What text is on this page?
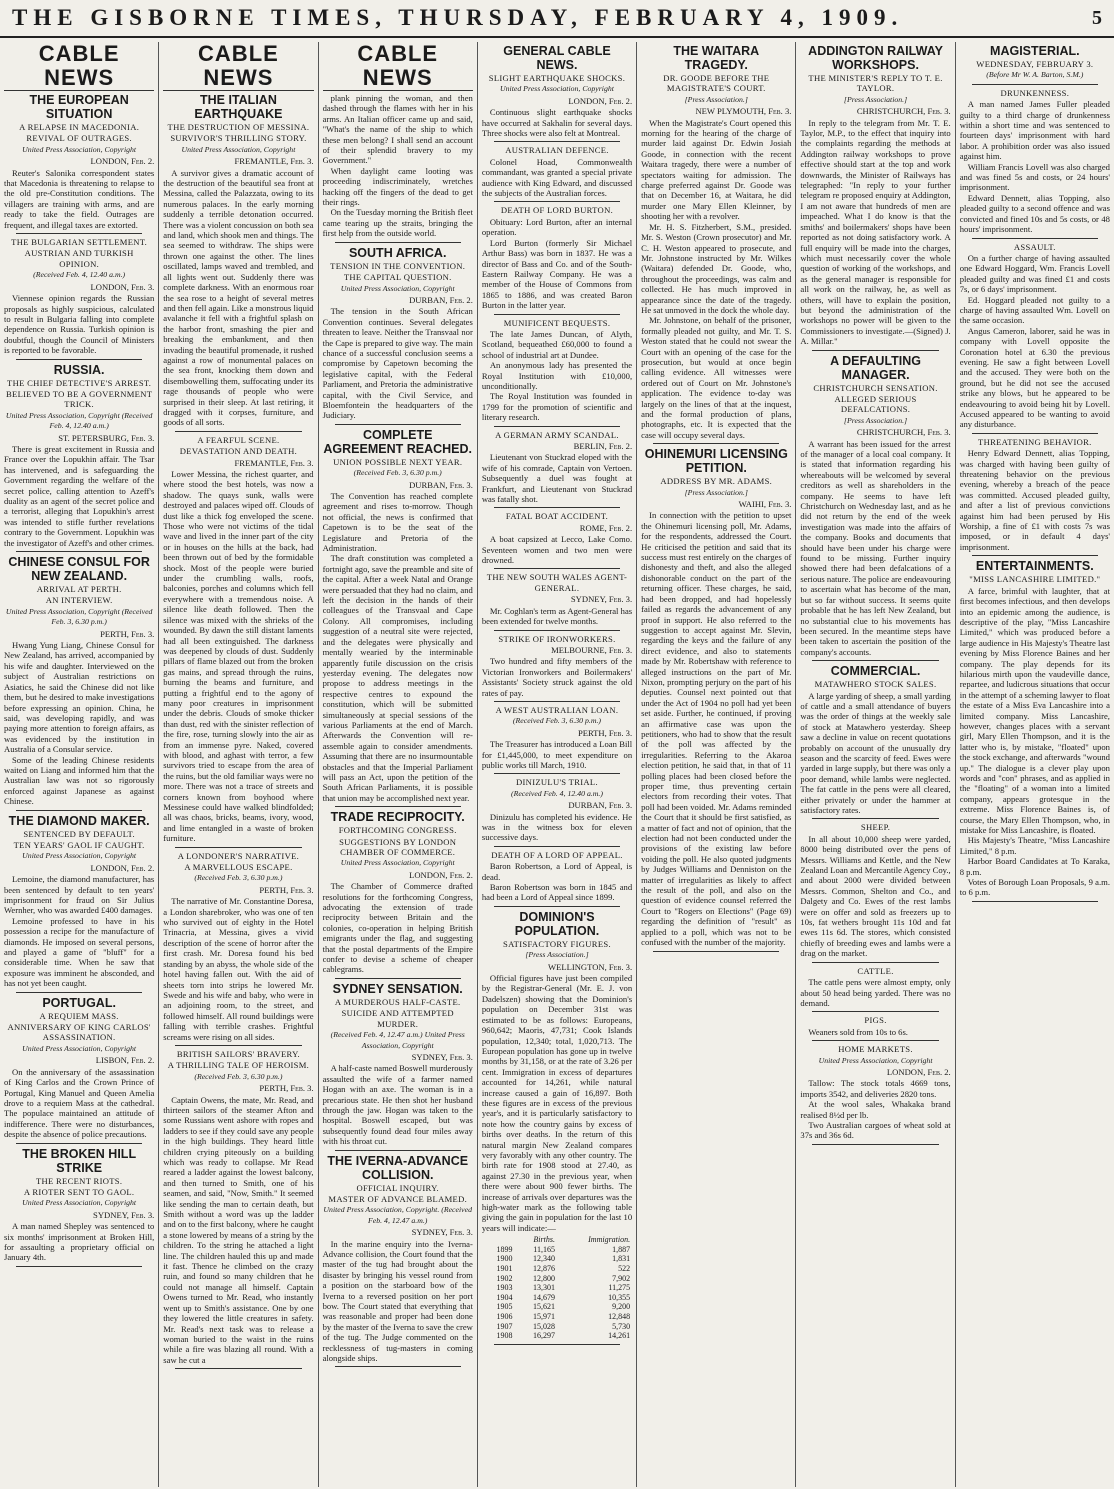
THE GISBORNE TIMES, THURSDAY, FEBRUARY 4, 1909.	5
CABLE NEWS
THE EUROPEAN SITUATION
A RELAPSE IN MACEDONIA.
REVIVAL OF OUTRAGES.
United Press Association, Copyright
LONDON, Feb. 2.

Reuter's Salonika correspondent states that Macedonia is threatening to relapse to the old pre-Constitution conditions. The villagers are training with arms, and are ready to take the field. Outrages are frequent, and illegal taxes are extorted.

THE BULGARIAN SETTLEMENT.
AUSTRIAN AND TURKISH OPINION.
(Received Feb. 4, 12.40 a.m.)
LONDON, Feb. 3.

Viennese opinion regards the Russian proposals as highly suspicious, calculated to result in Bulgaria falling into complete dependence on Russia. Turkish opinion is doubtful, though the Council of Ministers is reported to be favorable.

RUSSIA.
THE CHIEF DETECTIVE'S ARREST.
BELIEVED TO BE A GOVERNMENT TRICK.
United Press Association, Copyright (Received Feb. 4, 12.40 a.m.)
ST. PETERSBURG, Feb. 3.

There is great excitement in Russia and France over the Lopukhin affair. The Tsar has intervened, and is safeguarding the Government regarding the welfare of the secret police, calling attention to Azeff's duality as an agent of the secret police and a terrorist, alleging that Lopukhin's arrest was intended to stifle further revelations contrary to the Government. Lopukhin was the investigator of Azeff's and other crimes.

CHINESE CONSUL FOR NEW ZEALAND.
ARRIVAL AT PERTH.
AN INTERVIEW.
United Press Association, Copyright (Received Feb. 3, 6.30 p.m.)
PERTH, Feb. 3.

Hwang Yung Liang, Chinese Consul for New Zealand, has arrived, accompanied by his wife and daughter. Interviewed on the subject of Australian restrictions on Asiatics, he said the Chinese did not like them, but he desired to make investigations before expressing an opinion. China, he said, was developing rapidly, and was paying more attention to foreign affairs, as was evidenced by the institution in Australia of a Consular service.

Some of the leading Chinese residents waited on Liang and informed him that the Australian law was not so rigorously enforced against Japanese as against Chinese.

THE DIAMOND MAKER.
SENTENCED BY DEFAULT.
TEN YEARS' GAOL IF CAUGHT.
United Press Association, Copyright
LONDON, Feb. 2.

Lemoine, the diamond manufacturer, has been sentenced by default to ten years' imprisonment for fraud on Sir Julius Wernher, who was awarded £400 damages.

Lemoine professed to have in his possession a recipe for the manufacture of diamonds. He imposed on several persons, and played a game of "bluff" for a considerable time. When he saw that exposure was imminent he absconded, and has not yet been caught.

PORTUGAL.
A REQUIEM MASS.
ANNIVERSARY OF KING CARLOS' ASSASSINATION.
United Press Association, Copyright
LISBON, Feb. 2.

On the anniversary of the assassination of King Carlos and the Crown Prince of Portugal, King Manuel and Queen Amelia drove to a requiem Mass at the cathedral. The populace maintained an attitude of indifference. There were no disturbances, despite the absence of police precautions.

THE BROKEN HILL STRIKE
THE RECENT RIOTS.
A RIOTER SENT TO GAOL.
United Press Association, Copyright
SYDNEY, Feb. 3.

A man named Shepley was sentenced to six months' imprisonment at Broken Hill, for assaulting a proprietary official on January 4th.

CABLE NEWS
THE ITALIAN EARTHQUAKE
THE DESTRUCTION OF MESSINA.
SURVIVOR'S THRILLING STORY.
United Press Association, Copyright
FREMANTLE, Feb. 3.

A survivor gives a dramatic account of the destruction of the beautiful sea front at Messina, called the Palazzata, owing to its numerous palaces. In the early morning suddenly a terrible detonation occurred. There was a violent concussion on both sea and land, which shook men and things. The sea seemed to withdraw. The ships were thrown one against the other. The lines oscillated, lamps waved and trembled, and all lights went out. Suddenly there was complete darkness. With an enormous roar the sea rose to a height of several metres and then fell again. Like a monstrous liquid avalanche it fell with a frightful splash on the harbor front, smashing the pier and breaking the embankment, and then invading the beautiful promenade, it rushed against a row of monumental palaces on the sea front, knocking them down and disembowelling them, suffocating under its rage thousands of people who were surprised in their sleep. At last retiring, it dragged with it corpses, furniture, and goods of all sorts.

A FEARFUL SCENE.
DEVASTATION AND DEATH.
FREMANTLE, Feb. 3.

Lower Messina, the richest quarter, and where stood the best hotels, was now a shadow. The quays sunk, walls were destroyed and palaces wiped off. Clouds of dust like a thick fog enveloped the scene. Those who were not victims of the tidal wave and lived in the inner part of the city or in houses on the hills at the back, had been thrown out of bed by the formidable shock. Most of the people were buried under the crumbling walls, roofs, balconies, porches and columns which fell everywhere with a tremendous noise. A silence like death followed. Then the silence was mixed with the shrieks of the wounded. By dawn the still distant laments had all been extinguished. The darkness was deepened by clouds of dust. Suddenly pillars of flame blazed out from the broken gas mains, and spread through the ruins, burning the beams and furniture, and putting a frightful end to the agony of many poor creatures in imprisonment under the debris. Clouds of smoke thicker than dust, red with the sinister reflection of the fire, rose, turning slowly into the air as from an immense pyre. Naked, covered with blood, and aghast with terror, a few survivors tried to escape from the area of the ruins, but the old familiar ways were no more. There was not a trace of streets and corners known from boyhood where Messinese could have walked blindfolded; all was chaos, bricks, beams, ivory, wood, and lime entangled in a waste of broken furniture.

A LONDONER'S NARRATIVE.
A MARVELLOUS ESCAPE.
(Received Feb. 3, 6.30 p.m.)
PERTH, Feb. 3.

The narrative of Mr. Constantine Doresa, a London sharebroker, who was one of ten who survived out of eighty in the Hotel Trinacria, at Messina, gives a vivid description of the scene of horror after the first crash. Mr. Doresa found his bed standing by an abyss, the whole side of the hotel having fallen out. With the aid of sheets torn into strips he lowered Mr. Swede and his wife and baby, who were in an adjoining room, to the street, and followed himself. All round buildings were falling with terrible crashes. Frightful screams were rising on all sides.

BRITISH SAILORS' BRAVERY.
A THRILLING TALE OF HEROISM.
(Received Feb. 3, 6.30 p.m.)
PERTH, Feb. 3.

Captain Owens, the mate, Mr. Read, and thirteen sailors of the steamer Afton and some Russians went ashore with ropes and ladders to see if they could save any people in the high buildings. They heard little children crying piteously on a building which was ready to collapse. Mr Read reared a ladder against the lowest balcony, and then turned to Smith, one of his seamen, and said, "Now, Smith." It seemed like sending the man to certain death, but Smith without a word was up the ladder and on to the first balcony, where he caught a stone lowered by means of a string by the children. To the string he attached a light line. The children hauled this up and made it fast. Thence he climbed on the crazy ruin, and found so many children that he could not manage all himself. Captain Owens turned to Mr. Read, who instantly went up to Smith's assistance. One by one they lowered the little creatures in safety. Mr. Read's next task was to release a woman buried to the waist in the ruins while a fire was blazing all round. With a saw he cut a

CABLE NEWS

plank pinning the woman, and then dashed through the flames with her in his arms. An Italian officer came up and said, "What's the name of the ship to which these men belong? I shall send an account of their splendid bravery to my Government."

When daylight came looting was proceeding indiscriminately, wretches hacking off the fingers of the dead to get their rings.

On the Tuesday morning the British fleet came tearing up the straits, bringing the first help from the outside world.

SOUTH AFRICA.
TENSION IN THE CONVENTION.
THE CAPITAL QUESTION.
United Press Association, Copyright
DURBAN, Feb. 2.

The tension in the South African Convention continues. Several delegates threaten to leave. Neither the Transvaal nor the Cape is prepared to give way. The main chance of a successful conclusion seems a compromise by Capetown becoming the legislative capital, with the Federal Parliament, and Pretoria the administrative capital, with the Civil Service, and Bloemfontein the headquarters of the Judiciary.

COMPLETE AGREEMENT REACHED.
UNION POSSIBLE NEXT YEAR.
(Received Feb. 3, 6.30 p.m.)
DURBAN, Feb. 3.

The Convention has reached complete agreement and rises to-morrow. Though not official, the news is confirmed that Capetown is to be the seat of the Legislature and Pretoria of the Administration.

The draft constitution was completed a fortnight ago, save the preamble and site of the capital. After a week Natal and Orange were persuaded that they had no claim, and left the decision in the hands of their colleagues of the Transvaal and Cape Colony. All compromises, including suggestion of a neutral site were rejected, and the delegates were physically and mentally wearied by the interminable apparently futile discussion on the crisis yesterday evening. The delegates now propose to address meetings in the respective centres to expound the constitution, which will be submitted simultaneously at special sessions of the various Parliaments at the end of March. Afterwards the Convention will re-assemble again to consider amendments. Assuming that there are no insurmountable obstacles and that the Imperial Parliament will pass an Act, upon the petition of the South African Parliaments, it is possible that union may be accomplished next year.

TRADE RECIPROCITY.
FORTHCOMING CONGRESS.
SUGGESTIONS BY LONDON CHAMBER OF COMMERCE.
United Press Association, Copyright
LONDON, Feb. 2.

The Chamber of Commerce drafted resolutions for the forthcoming Congress, advocating the extension of trade reciprocity between Britain and the colonies, co-operation in helping British emigrants under the flag, and suggesting that the postal departments of the Empire confer to devise a scheme of cheaper cablegrams.

SYDNEY SENSATION.
A MURDEROUS HALF-CASTE.
SUICIDE AND ATTEMPTED MURDER.
(Received Feb. 4, 12.47 a.m.) United Press Association, Copyright
SYDNEY, Feb. 3.

A half-caste named Boswell murderously assaulted the wife of a farmer named Hogan with an axe. The woman is in a precarious state. He then shot her husband through the jaw. Hogan was taken to the hospital. Boswell escaped, but was subsequently found dead four miles away with his throat cut.

THE IVERNA-ADVANCE COLLISION.
OFFICIAL INQUIRY.
MASTER OF ADVANCE BLAMED.
United Press Association, Copyright. (Received Feb. 4, 12.47 a.m.)
SYDNEY, Feb. 3.

In the marine enquiry into the Iverna-Advance collision, the Court found that the master of the tug had brought about the disaster by bringing his vessel round from a position on the starboard bow of the Iverna to a reversed position on her port bow. The Court stated that everything that was reasonable and proper had been done by the master of the Iverna to save the crew of the tug. The Judge commented on the recklessness of tug-masters in coming alongside ships.

GENERAL CABLE NEWS.
SLIGHT EARTHQUAKE SHOCKS.
United Press Association, Copyright
LONDON, Feb. 2.

Continuous slight earthquake shocks have occurred at Sakhalin for several days. Three shocks were also felt at Montreal.

AUSTRALIAN DEFENCE.

Colonel Hoad, Commonwealth commandant, was granted a special private audience with King Edward, and discussed the subjects of the Australian forces.

DEATH OF LORD BURTON.

Obituary: Lord Burton, after an internal operation.

Lord Burton (formerly Sir Michael Arthur Bass) was born in 1837. He was a director of Bass and Co. and of the South-Eastern Railway Company. He was a member of the House of Commons from 1865 to 1886, and was created Baron Burton in the latter year.

MUNIFICENT BEQUESTS.

The late James Duncan, of Alyth, Scotland, bequeathed £60,000 to found a school of industrial art at Dundee.

An anonymous lady has presented the Royal Institution with £10,000, unconditionally.

The Royal Institution was founded in 1799 for the promotion of scientific and literary research.

A GERMAN ARMY SCANDAL.
BERLIN, Feb. 2.

Lieutenant von Stuckrad eloped with the wife of his comrade, Captain von Vertoen. Subsequently a duel was fought at Frankfurt, and Lieutenant von Stuckrad was fatally shot.

FATAL BOAT ACCIDENT.
ROME, Feb. 2.

A boat capsized at Lecco, Lake Como. Seventeen women and two men were drowned.

THE NEW SOUTH WALES AGENT-GENERAL.
SYDNEY, Feb. 3.

Mr. Coghlan's term as Agent-General has been extended for twelve months.

STRIKE OF IRONWORKERS.
MELBOURNE, Feb. 3.

Two hundred and fifty members of the Victorian Ironworkers and Boilermakers' Assistants' Society struck against the old rates of pay.

A WEST AUSTRALIAN LOAN.
(Received Feb. 3, 6.30 p.m.)
PERTH, Feb. 3.

The Treasurer has introduced a Loan Bill for £1,445,000, to meet expenditure on public works till March, 1910.

DINIZULU'S TRIAL.
(Received Feb. 4, 12.40 a.m.)
DURBAN, Feb. 3.

Dinizulu has completed his evidence. He was in the witness box for eleven successive days.

DEATH OF A LORD OF APPEAL.

Baron Robertson, a Lord of Appeal, is dead.

Baron Robertson was born in 1845 and had been a Lord of Appeal since 1899.

DOMINION'S POPULATION.
SATISFACTORY FIGURES.
[Press Association.]
WELLINGTON, Feb. 3.

Official figures have just been compiled by the Registrar-General (Mr. E. J. von Dadelszen) showing that the Dominion's population on December 31st was estimated to be as follows: Europeans, 960,642; Maoris, 47,731; Cook Islands population, 12,340; total, 1,020,713. The European population has gone up in twelve months by 31,158, or at the rate of 3.26 per cent. Immigration in excess of departures accounted for 14,261, while natural increase caused a gain of 16,897. Both these figures are in excess of the previous year's, and it is particularly satisfactory to note how the country gains by excess of births over deaths. In the return of this natural margin New Zealand compares very favorably with any other country. The birth rate for 1908 stood at 27.40, as against 27.30 in the previous year, when there were about 900 fewer births. The increase of arrivals over departures was the high-water mark as the following table giving the gain in population for the last 10 years will indicate:—

	Births.	Immigration.
1899	11,165	1,887
1900	12,340	1,831
1901	12,876	522
1902	12,800	7,902
1903	13,301	11,275
1904	14,679	10,355
1905	15,621	9,200
1906	15,971	12,848
1907	15,028	5,730
1908	16,297	14,261
THE WAITARA TRAGEDY.
DR. GOODE BEFORE THE MAGISTRATE'S COURT.
[Press Association.]
NEW PLYMOUTH, Feb. 3.

When the Magistrate's Court opened this morning for the hearing of the charge of murder laid against Dr. Edwin Josiah Goode, in connection with the recent Waitara tragedy, there were a number of spectators waiting for admission. The charge preferred against Dr. Goode was that on December 16, at Waitara, he did murder one Mary Ellen Kleinner, by shooting her with a revolver.

Mr. H. S. Fitzherbert, S.M., presided. Mr. S. Weston (Crown prosecutor) and Mr. C. H. Weston appeared to prosecute, and Mr. Johnstone instructed by Mr. Wilkes (Waitara) defended Dr. Goode, who, throughout the proceedings, was calm and collected. He has much improved in appearance since the date of the tragedy. He sat unmoved in the dock the whole day.

Mr. Johnstone, on behalf of the prisoner, formally pleaded not guilty, and Mr. T. S. Weston stated that he could not swear the Court with an opening of the case for the prosecution, but would at once begin calling evidence. All witnesses were ordered out of Court on Mr. Johnstone's application. The evidence to-day was largely on the lines of that at the inquest, and the formal production of plans, photographs, etc. It is expected that the case will occupy several days.

OHINEMURI LICENSING PETITION.
ADDRESS BY MR. ADAMS.
[Press Association.]
WAIHI, Feb. 3.

In connection with the petition to upset the Ohinemuri licensing poll, Mr. Adams, for the respondents, addressed the Court. He criticised the petition and said that its success must rest entirely on the charges of dishonesty and theft, and also the alleged dishonorable conduct on the part of the returning officer. These charges, he said, had been dropped, and had hopelessly failed as regards the advancement of any proof in support. He also referred to the suggestion to accept against Mr. Slevin, regarding the keys and the failure of any direct evidence, and also to statements made by Mr. Robertshaw with reference to alleged instructions on the part of Mr. Nixon, prompting perjury on the part of his deputies. Counsel next pointed out that under the Act of 1904 no poll had yet been set aside. Further, he continued, if proving an affirmative case was upon the petitioners, who had to show that the result of the poll was affected by the irregularities. Referring to the Akaroa election petition, he said that, in that of 11 polling places had been closed before the proper time, thus preventing certain electors from recording their votes. That poll had been voided. Mr. Adams reminded the Court that it should be first satisfied, as a matter of fact and not of opinion, that the election had not been conducted under the provisions of the existing law before voiding the poll. He also quoted judgments by Judges Williams and Denniston on the matter of irregularities as likely to affect the result of the poll, and also on the question of evidence counsel referred the Court to "Rogers on Elections" (Page 69) regarding the definition of "result" as applied to a poll, which was not to be confused with the number of the majority.

ADDINGTON RAILWAY WORKSHOPS.
THE MINISTER'S REPLY TO T. E. TAYLOR.
[Press Association.]
CHRISTCHURCH, Feb. 3.

In reply to the telegram from Mr. T. E. Taylor, M.P., to the effect that inquiry into the complaints regarding the methods at Addington railway workshops to prove effective should start at the top and work downwards, the Minister of Railways has telegraphed: "In reply to your further telegram re proposed enquiry at Addington, I am not aware that hundreds of men are impeached. What I do know is that the smiths' and boilermakers' shops have been reported as not doing satisfactory work. A full enquiry will be made into the charges, which must necessarily cover the whole question of working of the workshops, and as the general manager is responsible for all work on the railway, he, as well as others, will have to explain the position, but beyond the administration of the workshops no power will be given to the Commissioners to investigate.—(Signed) J. A. Millar."

A DEFAULTING MANAGER.
CHRISTCHURCH SENSATION.
ALLEGED SERIOUS DEFALCATIONS.
[Press Association.]
CHRISTCHURCH, Feb. 3.

A warrant has been issued for the arrest of the manager of a local coal company. It is stated that information regarding his whereabouts will be welcomed by several creditors as well as shareholders in the company. He seems to have left Christchurch on Wednesday last, and as he did not return by the end of the week investigation was made into the affairs of the company. Books and documents that should have been under his charge were found to be missing. Further inquiry showed there had been defalcations of a serious nature. The police are endeavouring to ascertain what has become of the man, but so far without success. It seems quite probable that he has left New Zealand, but no substantial clue to his movements has been secured. In the meantime steps have been taken to ascertain the position of the company's accounts.

COMMERCIAL.
MATAWHERO STOCK SALES.

A large yarding of sheep, a small yarding of cattle and a small attendance of buyers was the order of things at the weekly sale of stock at Matawhero yesterday. Sheep saw a decline in value on recent quotations probably on account of the unusually dry season and the scarcity of feed. Ewes were yarded in large supply, but there was only a poor demand, while lambs were neglected. The fat cattle in the pens were all cleared, either privately or under the hammer at satisfactory rates.

SHEEP.

In all about 10,000 sheep were yarded, 8000 being distributed over the pens of Messrs. Williams and Kettle, and the New Zealand Loan and Mercantile Agency Coy., and about 2000 were divided between Messrs. Common, Shelton and Co., and Dalgety and Co. Ewes of the rest lambs were on offer and sold as freezers up to 10s, fat wethers brought 11s 10d and fat ewes 11s 6d. The stores, which consisted chiefly of breeding ewes and lambs were a drag on the market.

CATTLE.

The cattle pens were almost empty, only about 50 head being yarded. There was no demand.

PIGS.

Weaners sold from 10s to 6s.

HOME MARKETS.
United Press Association, Copyright
LONDON, Feb. 2.

Tallow: The stock totals 4669 tons, imports 3542, and deliveries 2820 tons.

At the wool sales, Whakaka brand realised 8½d per lb.

Two Australian cargoes of wheat sold at 37s and 36s 6d.

MAGISTERIAL.
WEDNESDAY, FEBRUARY 3.
(Before Mr W. A. Barton, S.M.)
DRUNKENNESS.

A man named James Fuller pleaded guilty to a third charge of drunkenness within a short time and was sentenced to fourteen days' imprisonment with hard labor. A prohibition order was also issued against him.

William Francis Lovell was also charged and was fined 5s and costs, or 24 hours' imprisonment.

Edward Dennett, alias Topping, also pleaded guilty to a second offence and was convicted and fined 10s and 5s costs, or 48 hours' imprisonment.

ASSAULT.

On a further charge of having assaulted one Edward Hoggard, Wm. Francis Lovell pleaded guilty and was fined £1 and costs 7s, or 6 days' imprisonment.

Ed. Hoggard pleaded not guilty to a charge of having assaulted Wm. Lovell on the same occasion.

Angus Cameron, laborer, said he was in company with Lovell opposite the Coronation hotel at 6.30 the previous evening. He saw a fight between Lovell and the accused. They were both on the ground, but he did not see the accused strike any blows, but he appeared to be endeavouring to avoid being hit by Lovell. Accused appeared to be wanting to avoid any disturbance.

THREATENING BEHAVIOR.

Henry Edward Dennett, alias Topping, was charged with having been guilty of threatening behavior on the previous evening, whereby a breach of the peace was committed. Accused pleaded guilty, and after a list of previous convictions against him had been perused by His Worship, a fine of £1 with costs 7s was imposed, or in default 4 days' imprisonment.

ENTERTAINMENTS.
"MISS LANCASHIRE LIMITED."

A farce, brimful with laughter, that at first becomes infectious, and then develops into an epidemic among the audience, is descriptive of the play, "Miss Lancashire Limited," which was produced before a large audience in His Majesty's Theatre last evening by Miss Florence Baines and her company. The play depends for its hilarious mirth upon the vaudeville dance, repartee, and ludicrous situations that occur in the attempt of a scheming lawyer to float the estate of a Miss Eva Lancashire into a limited company. Miss Lancashire, however, changes places with a servant girl, Mary Ellen Thompson, and it is the latter who is, by mistake, "floated" upon the stock exchange, and afterwards "wound up." The dialogue is a clever play upon words and "con" phrases, and as applied in the "floating" of a woman into a limited company, appears grotesque in the extreme. Miss Florence Baines is, of course, the Mary Ellen Thompson, who, in mistake for Miss Lancashire, is floated.

His Majesty's Theatre, "Miss Lancashire Limited," 8 p.m.

Harbor Board Candidates at To Karaka, 8 p.m.

Votes of Borough Loan Proposals, 9 a.m. to 6 p.m.
